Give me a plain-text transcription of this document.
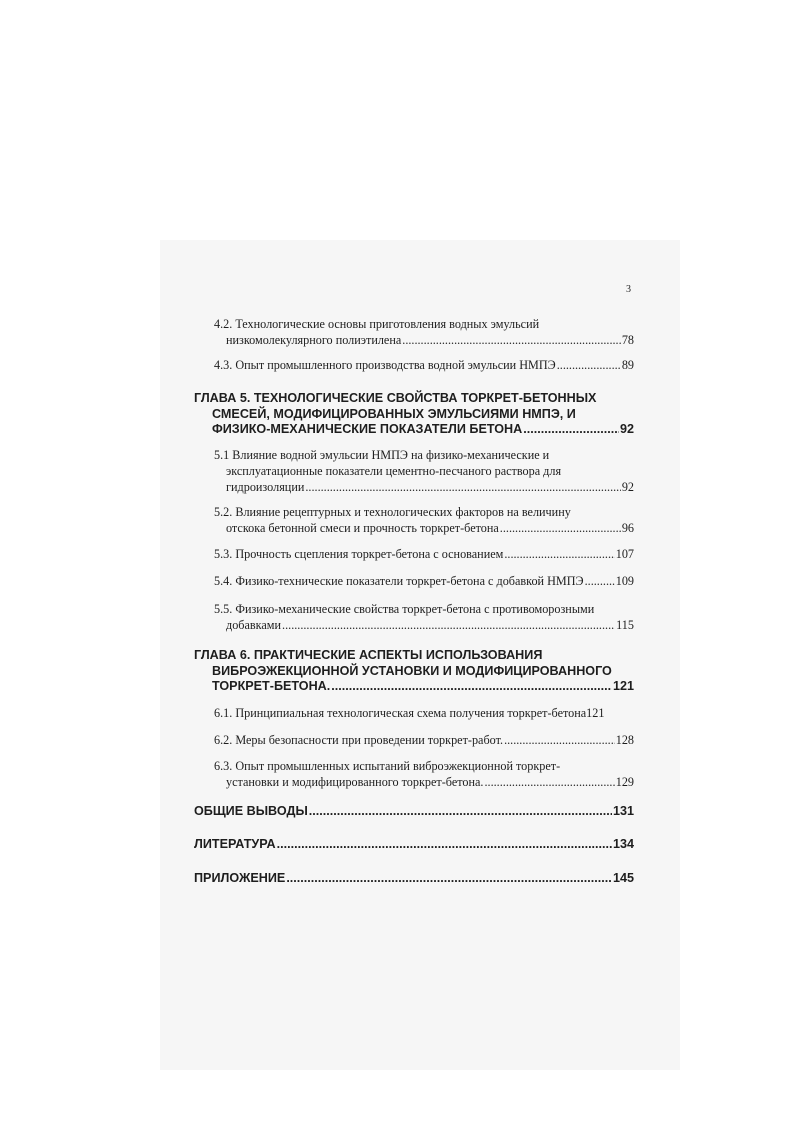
3
4.2. Технологические основы приготовления водных эмульсий
низкомолекулярного полиэтилена .....	78
4.3. Опыт промышленного производства водной эмульсии НМПЭ .....	89
ГЛАВА 5. ТЕХНОЛОГИЧЕСКИЕ СВОЙСТВА ТОРКРЕТ-БЕТОННЫХ
СМЕСЕЙ, МОДИФИЦИРОВАННЫХ ЭМУЛЬСИЯМИ НМПЭ, И
ФИЗИКО-МЕХАНИЧЕСКИЕ ПОКАЗАТЕЛИ БЕТОНА .....	92
5.1 Влияние водной эмульсии НМПЭ на физико-механические и
эксплуатационные показатели цементно-песчаного раствора для
гидроизоляции .....	92
5.2. Влияние рецептурных и технологических факторов на величину
отскока бетонной смеси и прочность торкрет-бетона .....	96
5.3. Прочность сцепления торкрет-бетона с основанием .....	107
5.4. Физико-технические показатели торкрет-бетона с добавкой НМПЭ .....	109
5.5. Физико-механические свойства торкрет-бетона с противоморозными
добавками .....	115
ГЛАВА 6. ПРАКТИЧЕСКИЕ АСПЕКТЫ ИСПОЛЬЗОВАНИЯ
ВИБРОЭЖЕКЦИОННОЙ УСТАНОВКИ И МОДИФИЦИРОВАННОГО
ТОРКРЕТ-БЕТОНА. .....	121
6.1. Принципиальная технологическая схема получения торкрет-бетона 121
6.2. Меры безопасности при проведении торкрет-работ. .....	128
6.3. Опыт промышленных испытаний виброэжекционной торкрет-
установки и модифицированного торкрет-бетона. .....	129
ОБЩИЕ ВЫВОДЫ .....	131
ЛИТЕРАТУРА .....	134
ПРИЛОЖЕНИЕ .....	145
